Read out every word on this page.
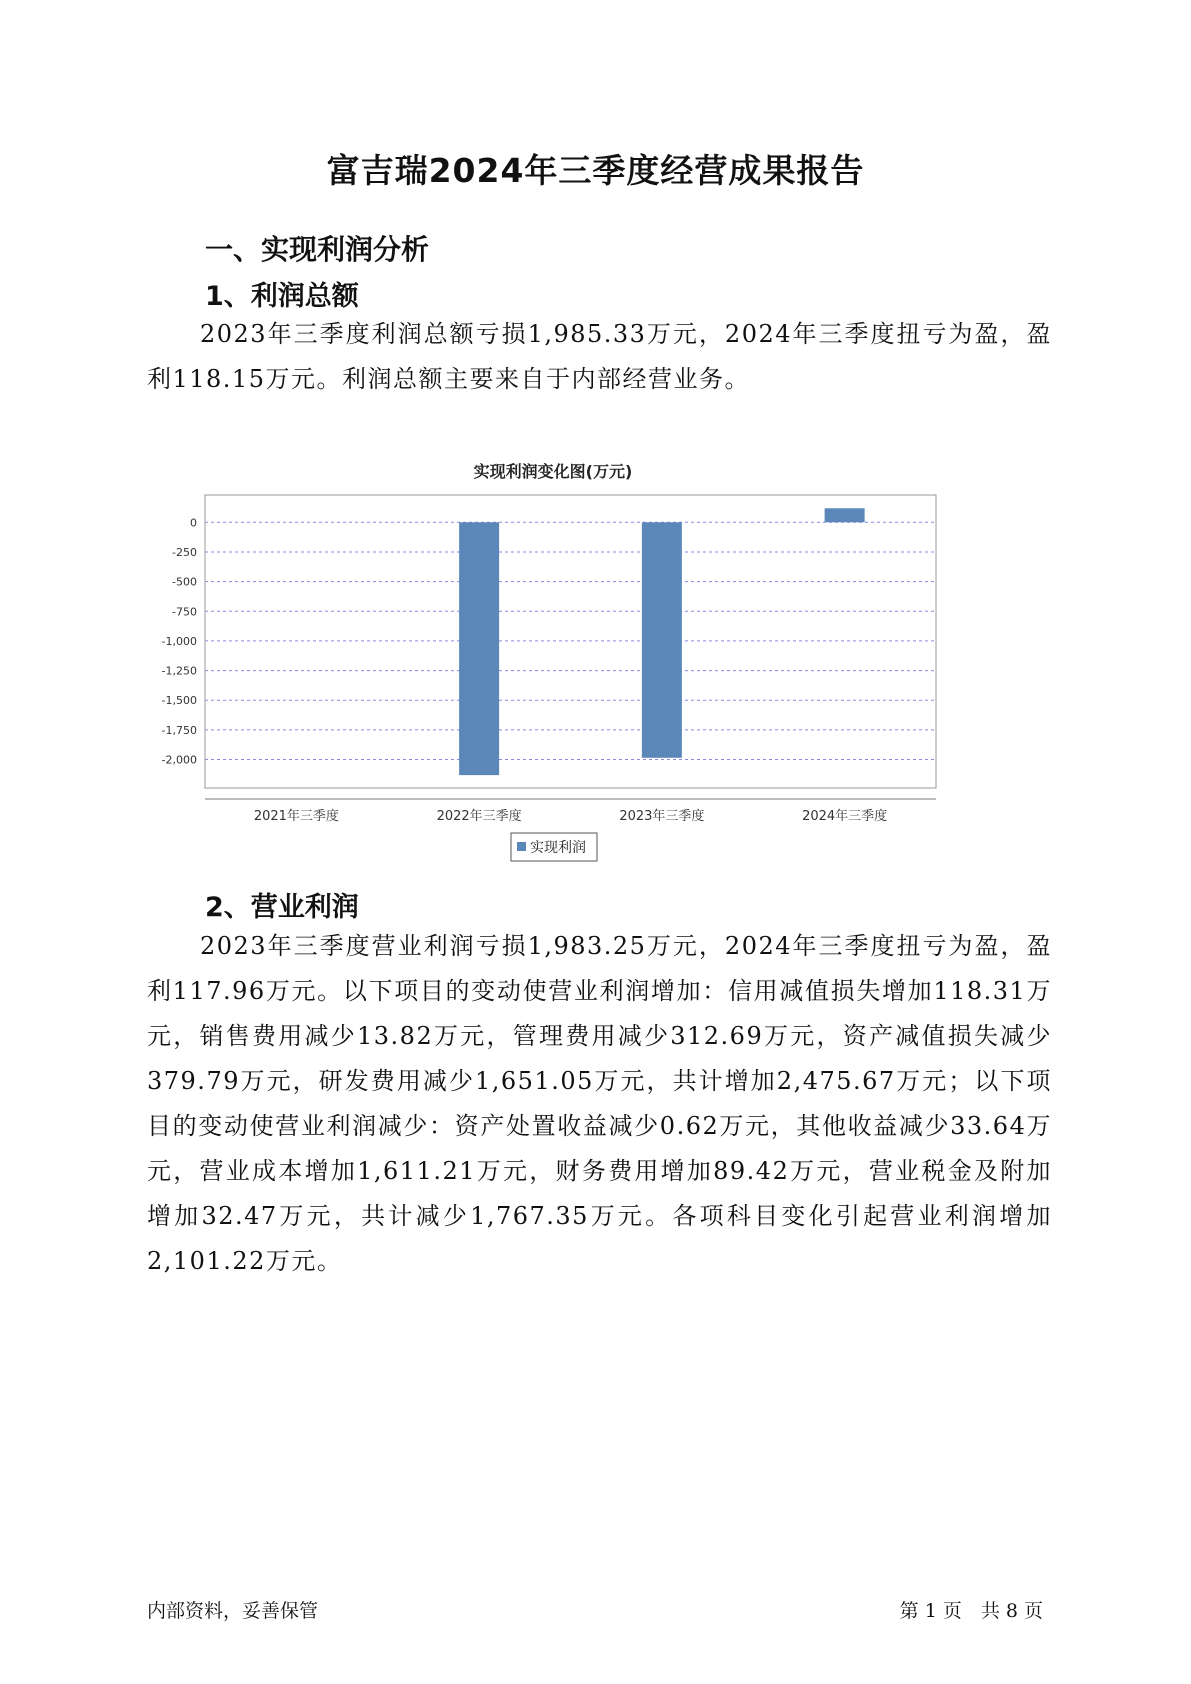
富吉瑞2024年三季度经营成果报告
一、实现利润分析
1、利润总额

2023年三季度利润总额亏损1,985.33万元，2024年三季度扭亏为盈，盈利118.15万元。利润总额主要来自于内部经营业务。

实现利润变化图(万元)
0
-250
-500
-750
-1,000
-1,250
-1,500
-1,750
-2,000
2021年三季度	2022年三季度	2023年三季度	2024年三季度
实现利润
2、营业利润

2023年三季度营业利润亏损1,983.25万元，2024年三季度扭亏为盈，盈利117.96万元。以下项目的变动使营业利润增加：信用减值损失增加118.31万元，销售费用减少13.82万元，管理费用减少312.69万元，资产减值损失减少379.79万元，研发费用减少1,651.05万元，共计增加2,475.67万元；以下项目的变动使营业利润减少：资产处置收益减少0.62万元，其他收益减少33.64万元，营业成本增加1,611.21万元，财务费用增加89.42万元，营业税金及附加增加32.47万元，共计减少1,767.35万元。各项科目变化引起营业利润增加2,101.22万元。

内部资料，妥善保管	第 1 页　共 8 页
